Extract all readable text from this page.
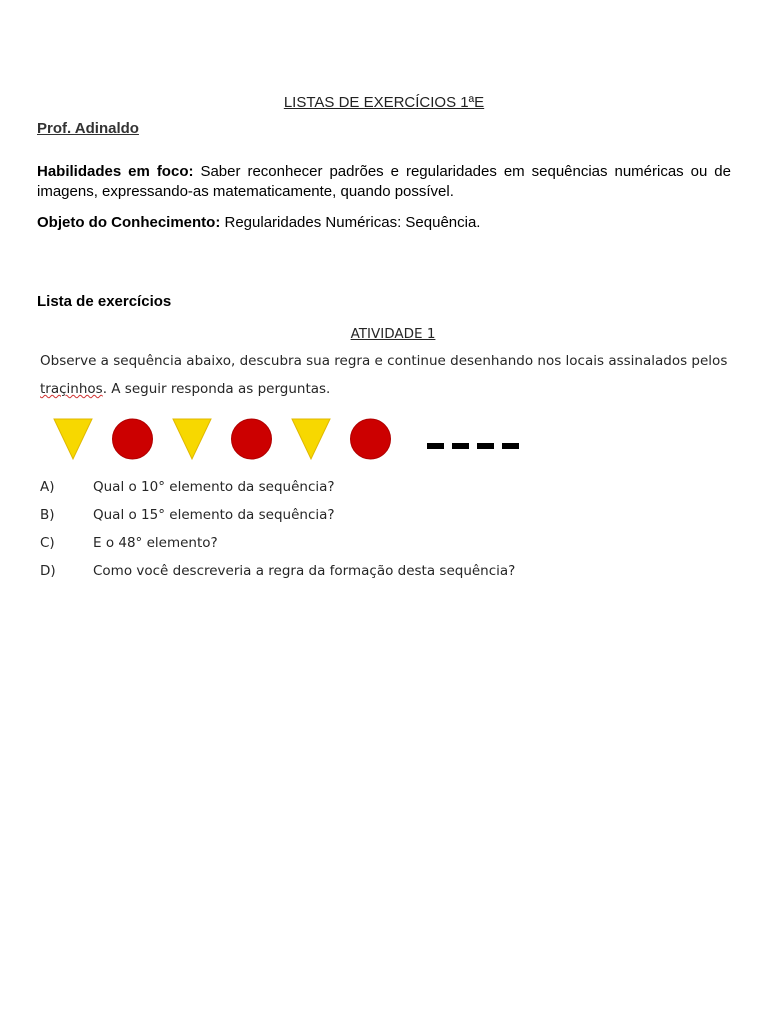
LISTAS DE EXERCÍCIOS 1ªE
Prof. Adinaldo
Habilidades em foco: Saber reconhecer padrões e regularidades em sequências numéricas ou de imagens, expressando-as matematicamente, quando possível.
Objeto do Conhecimento: Regularidades Numéricas: Sequência.
Lista de exercícios
ATIVIDADE 1
Observe a sequência abaixo, descubra sua regra e continue desenhando nos locais assinalados pelos traçinhos. A seguir responda as perguntas.
A)	Qual o 10° elemento da sequência?
B)	Qual o 15° elemento da sequência?
C)	E o 48° elemento?
D)	Como você descreveria a regra da formação desta sequência?
